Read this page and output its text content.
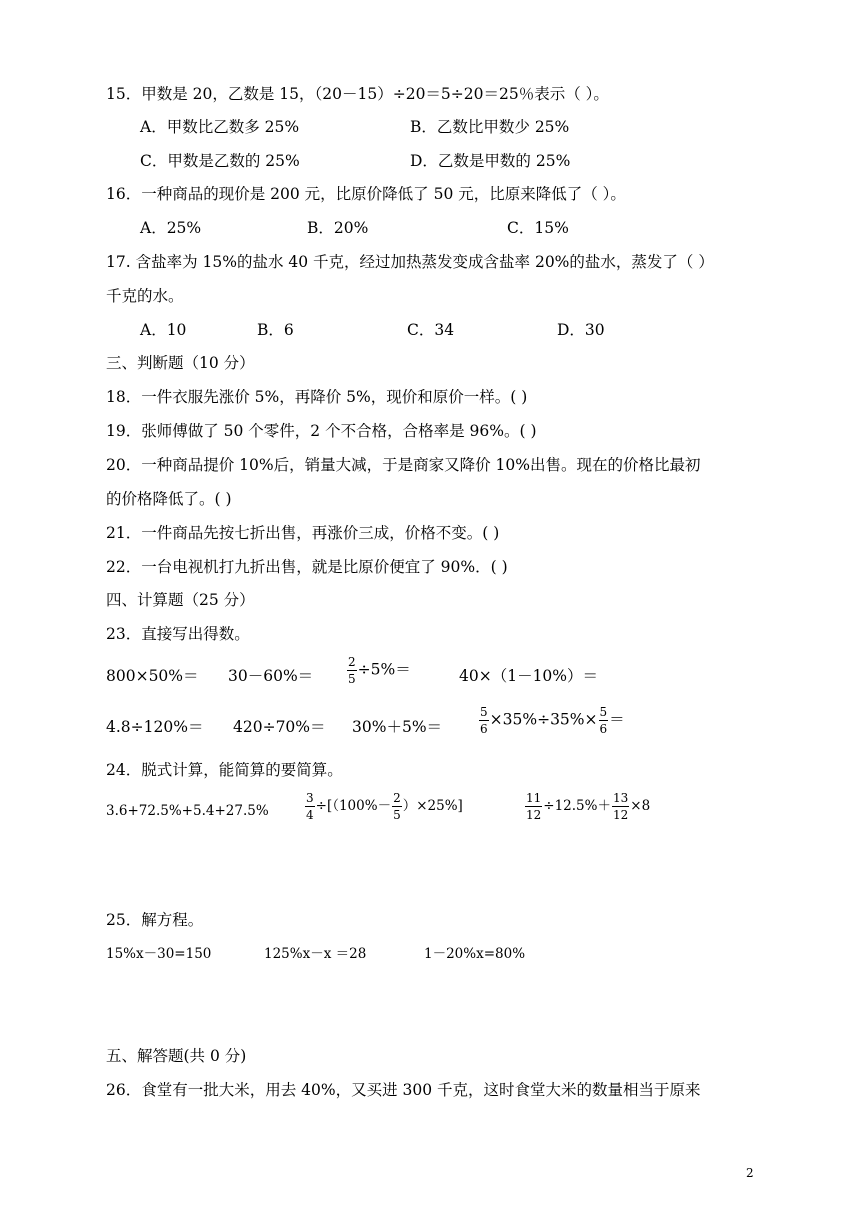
15．甲数是 20，乙数是 15，（20－15）÷20＝5÷20＝25％表示（ ）。
A．甲数比乙数多 25%	B．乙数比甲数少 25%
C．甲数是乙数的 25%	D．乙数是甲数的 25%
16．一种商品的现价是 200 元，比原价降低了 50 元，比原来降低了（ ）。
A．25%	B．20%	C．15%
17. 含盐率为 15%的盐水 40 千克，经过加热蒸发变成含盐率 20%的盐水，蒸发了（ ）
千克的水。
A．10	B．6	C．34	D．30
三、判断题（10 分）
18．一件衣服先涨价 5%，再降价 5%，现价和原价一样。( )
19．张师傅做了 50 个零件，2 个不合格，合格率是 96%。( )
20．一种商品提价 10%后，销量大减，于是商家又降价 10%出售。现在的价格比最初
的价格降低了。( )
21．一件商品先按七折出售，再涨价三成，价格不变。( )
22．一台电视机打九折出售，就是比原价便宜了 90%．( )
四、计算题（25 分）
23．直接写出得数。
800×50%＝ 30－60%＝	$\frac{2}{5} \div 5\%=$	40×（1－10%）＝
4.8÷120%＝ 420÷70%＝ 30%＋5%＝	$\frac{5}{6} \times 35\%\div 35\%\times \frac{5}{6}$ ＝
24．脱式计算，能简算的要简算。
3.6+72.5%+5.4+27.5%	$\frac{3}{4} \div[(100\%- \frac{2}{5} )\times 25\%]$	$\frac{11}{12} \div 12.5\%+ \frac{13}{12} \times 8$
25．解方程。
15%x－30=150	125%x－x ＝28	1－20%x=80%
五、解答题(共 0 分)
26．食堂有一批大米，用去 40%，又买进 300 千克，这时食堂大米的数量相当于原来
2
